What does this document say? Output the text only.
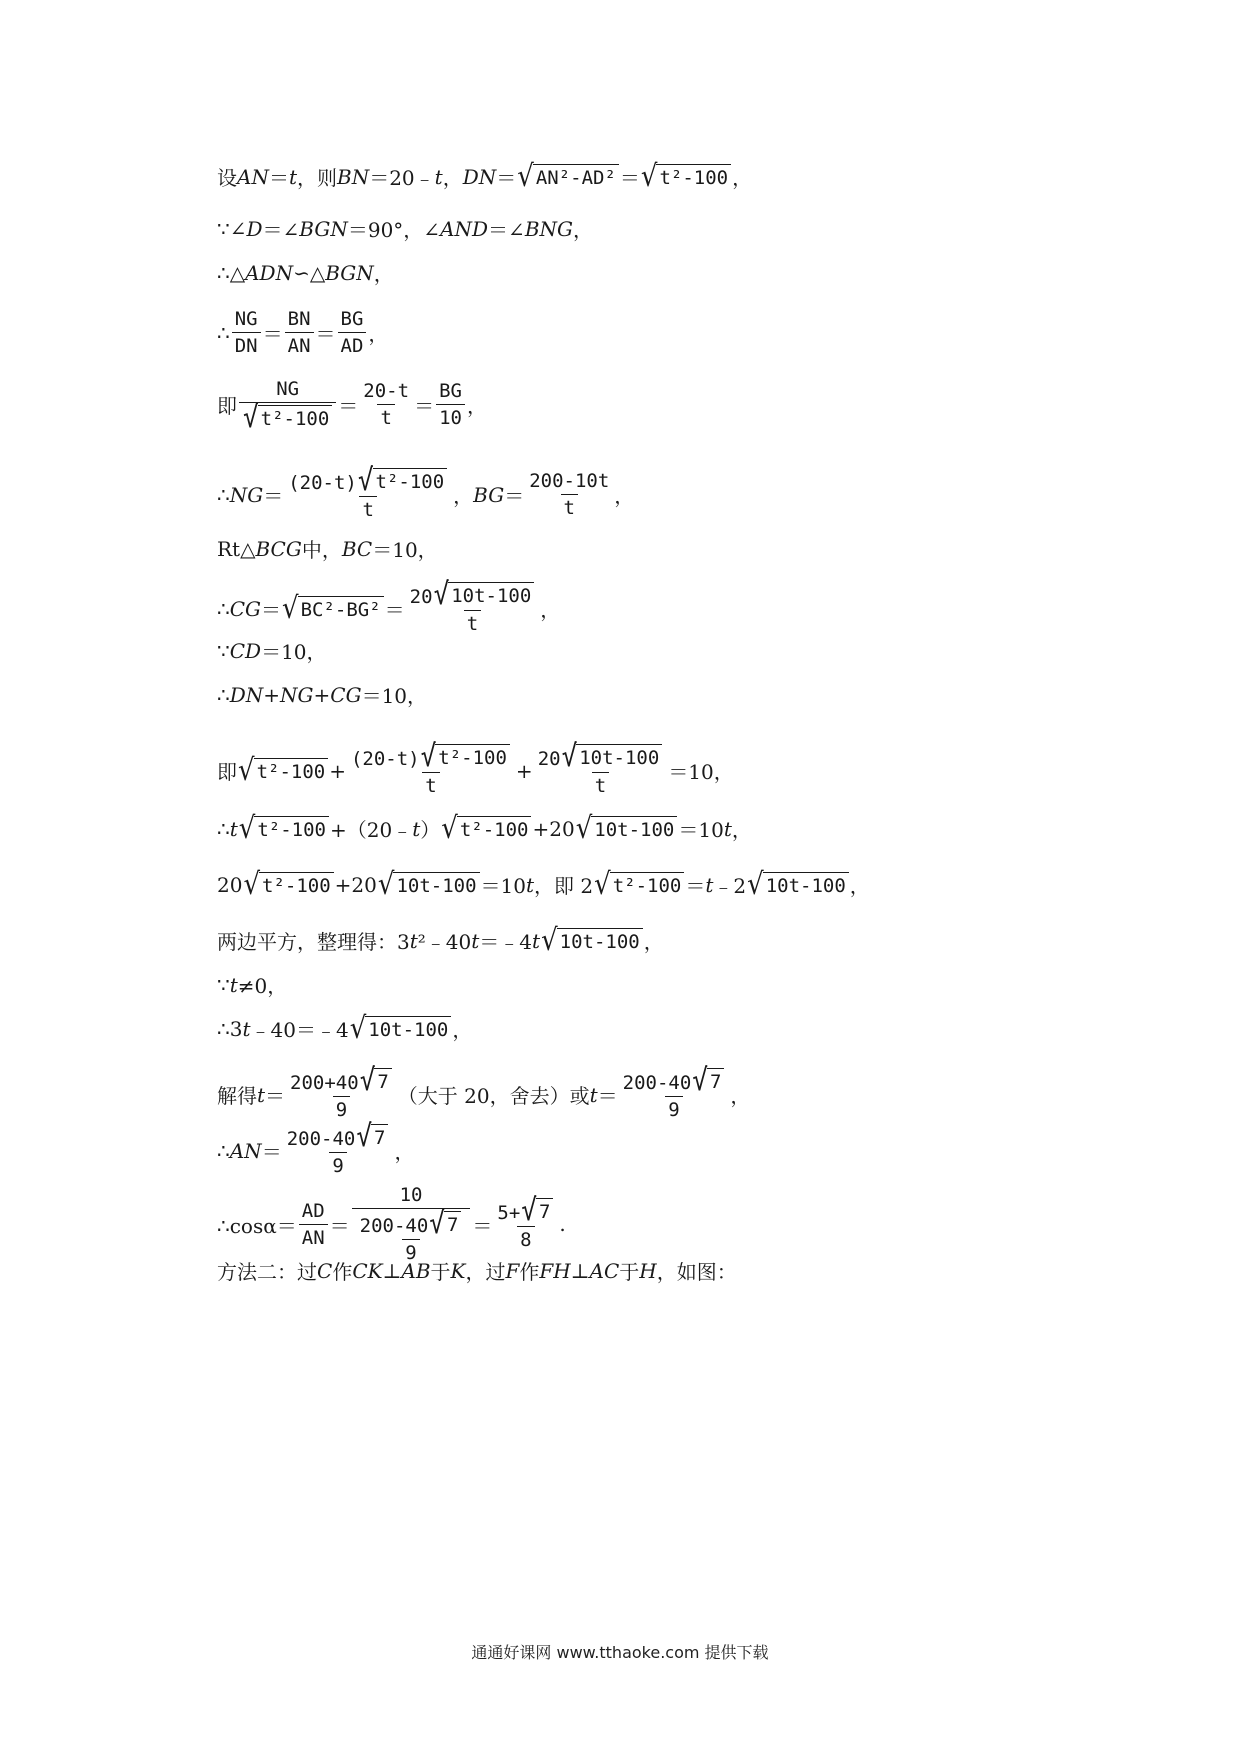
设 AN ＝ t ，则 BN ＝20﹣ t ， DN ＝ √ AN²-AD² ＝ √ t²-100 ，
∵∠ D ＝∠ BGN ＝90°，∠ AND ＝∠ BNG ，
∴△ ADN ∽△ BGN ，
∴ $\frac{NG}{DN} = \frac{BN}{AN} = \frac{BG}{AD}$ ，
即 $\frac{NG}{\text{√ t²-100}} = \frac{20-t}{t} = \frac{BG}{10}$ ，
∴ NG ＝ $\frac{\text{(20-t) √ t²-100}}{t}$ ， BG ＝ $\frac{200-10t}{t}$ ，
Rt△ BCG 中， BC ＝10，
∴ CG ＝ √ $BC^2-BG^2 = \frac{20 √ 10t-100}{t}$ ，
∵ CD ＝10，
∴ DN + NG + CG ＝10，
即 √ $t^2-100 + \frac{\text{(20-t) √ t²-100}}{t} + \frac{20 √ 10t-100}{t} =10$，
∴ t √ t²-100 +（20﹣ t ） √ t²-100 +20 √ 10t-100 ＝10 t ，
20 √ t²-100 +20 √ 10t-100 ＝10 t ，即 2 √ t²-100 ＝ t ﹣2 √ 10t-100 ，
两边平方，整理得：3 t ²﹣40 t ＝﹣4 t √ 10t-100 ，
∵ t ≠0，
∴3 t ﹣40＝﹣4 √ 10t-100 ，
解得 $t = \frac{200+40 √ 7}{9}$ （大于 20，舍去）或 $t = \frac{200-40 √ 7}{9}$ ，
∴ AN ＝ $\frac{200-40 √ 7}{9}$ ，
∴cosα＝ $\frac{AD}{AN} = \frac{10}{\frac{200-40 √ 7}{9}} = \frac{5+ √ 7}{8}$ .
方法二：过 C 作 CK ⊥ AB 于 K ，过 F 作 FH ⊥ AC 于 H ，如图：
通通好课网 www.tthaoke.com 提供下载
